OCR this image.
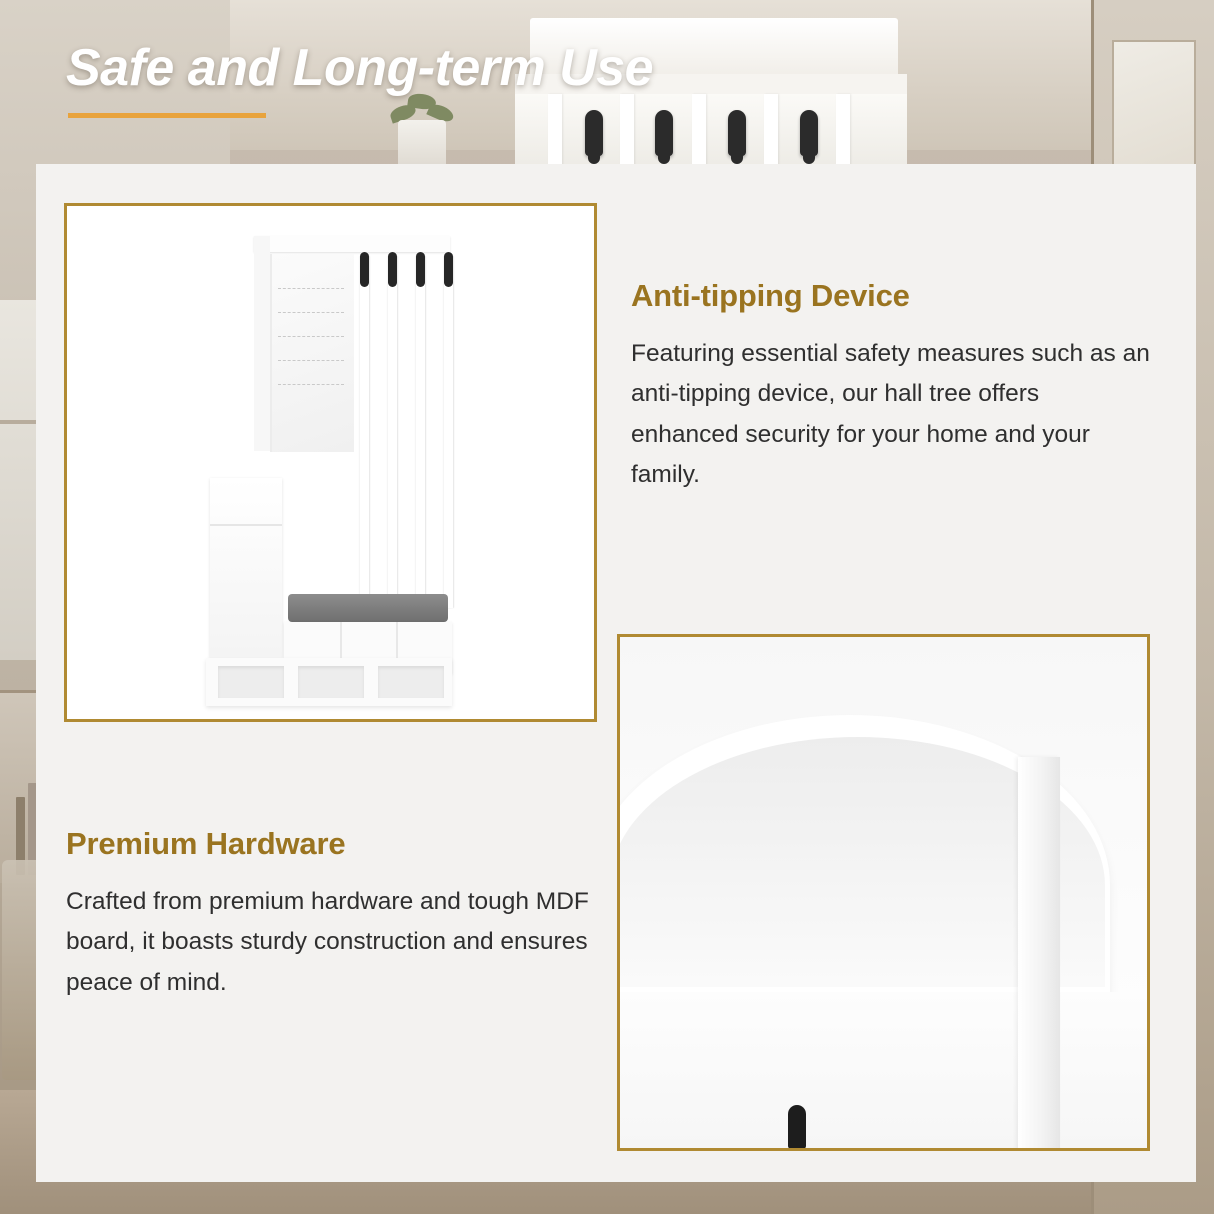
Safe and Long-term Use
Anti-tipping Device

Featuring essential safety measures such as an anti-tipping device, our hall tree offers enhanced security for your home and your family.

Premium Hardware

Crafted from premium hardware and tough MDF board, it boasts sturdy construction and ensures peace of mind.
